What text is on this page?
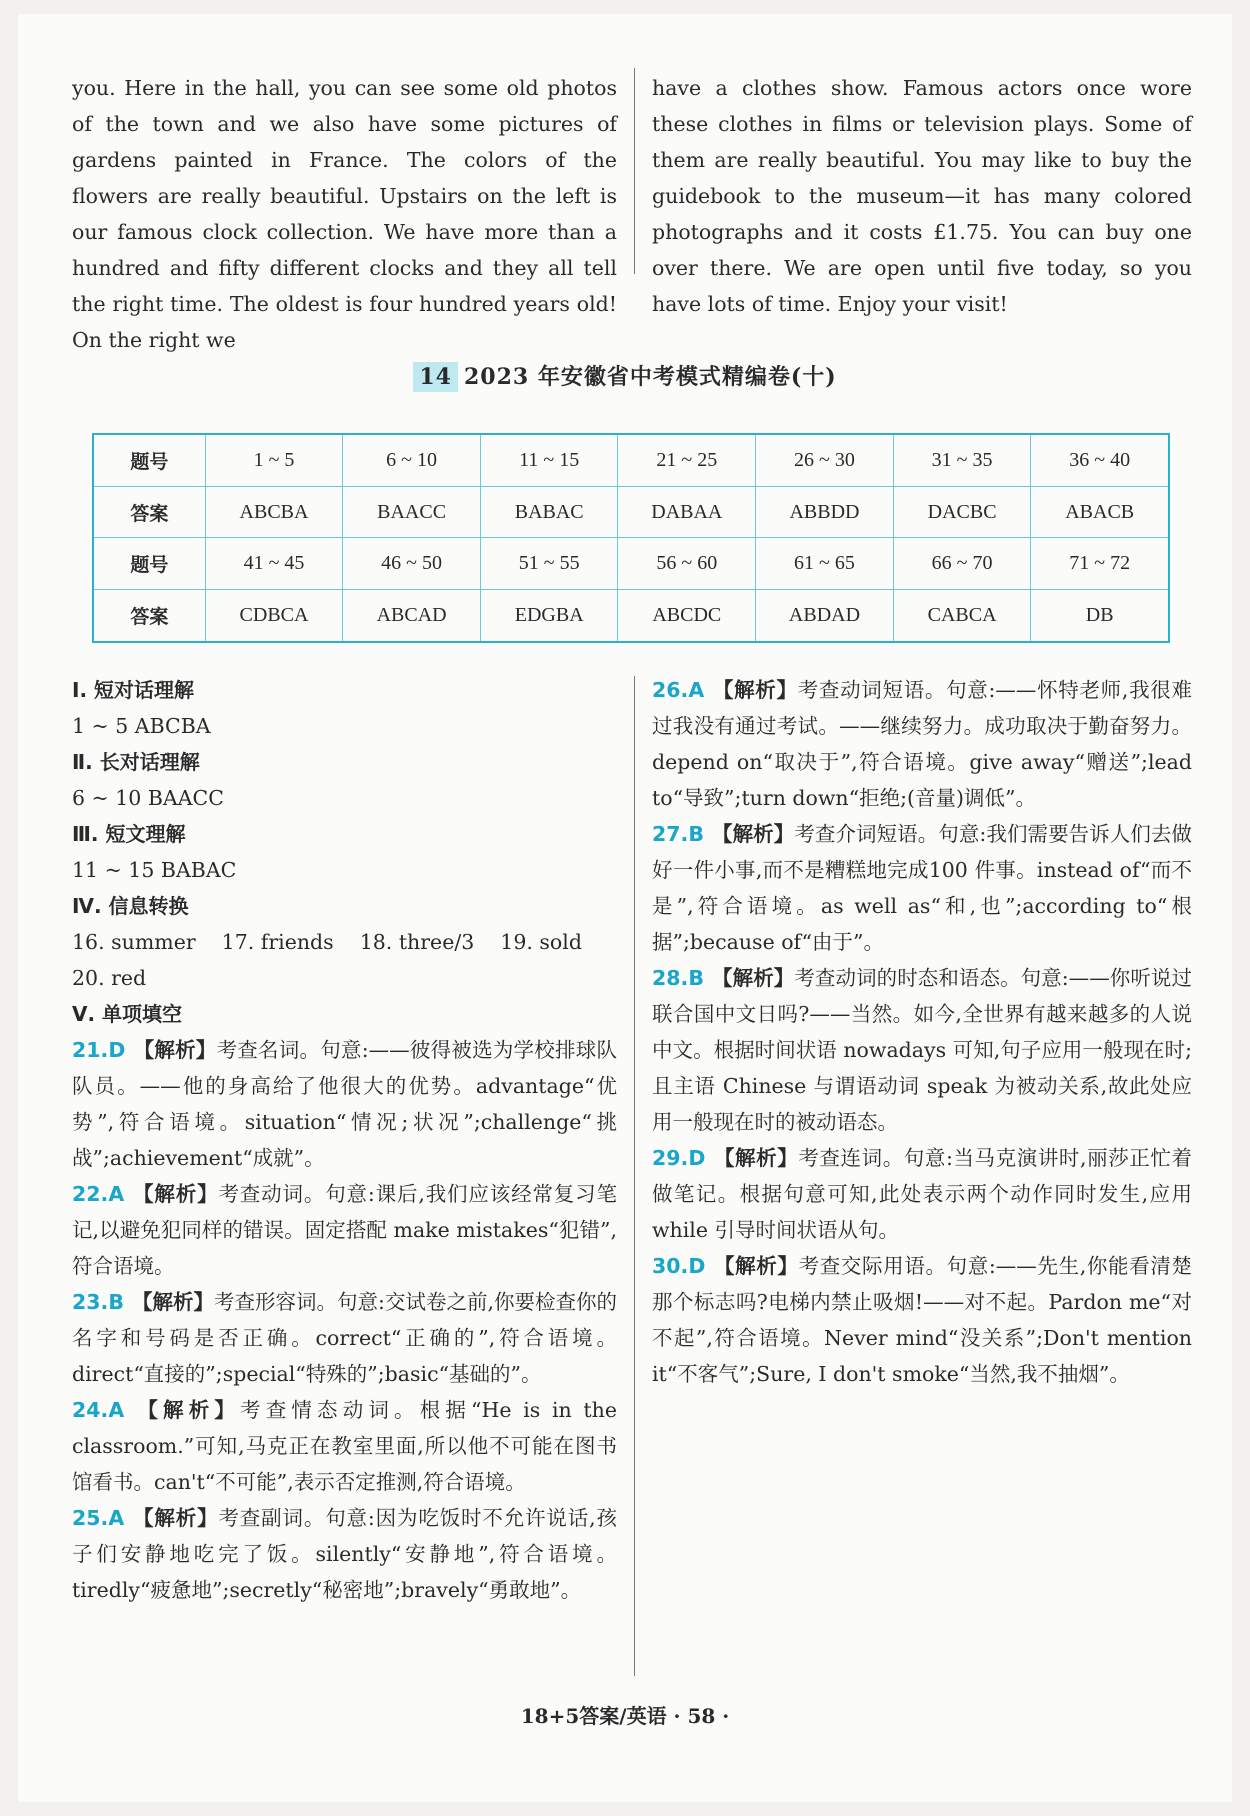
you. Here in the hall, you can see some old photos of the town and we also have some pictures of gardens painted in France. The colors of the flowers are really beautiful. Upstairs on the left is our famous clock collection. We have more than a hundred and fifty different clocks and they all tell the right time. The oldest is four hundred years old! On the right we
have a clothes show. Famous actors once wore these clothes in films or television plays. Some of them are really beautiful. You may like to buy the guidebook to the museum—it has many colored photographs and it costs £1.75. You can buy one over there. We are open until five today, so you have lots of time. Enjoy your visit!
14 2023 年安徽省中考模式精编卷(十)
题号	1 ~ 5	6 ~ 10	11 ~ 15	21 ~ 25	26 ~ 30	31 ~ 35	36 ~ 40
答案	ABCBA	BAACC	BABAC	DABAA	ABBDD	DACBC	ABACB
题号	41 ~ 45	46 ~ 50	51 ~ 55	56 ~ 60	61 ~ 65	66 ~ 70	71 ~ 72
答案	CDBCA	ABCAD	EDGBA	ABCDC	ABDAD	CABCA	DB
Ⅰ. 短对话理解
1 ~ 5 ABCBA
Ⅱ. 长对话理解
6 ~ 10 BAACC
Ⅲ. 短文理解
11 ~ 15 BABAC
Ⅳ. 信息转换
16. summer 17. friends 18. three/3 19. sold
20. red
Ⅴ. 单项填空
21.D 【解析】考查名词。句意:——彼得被选为学校排球队队员。——他的身高给了他很大的优势。advantage“优势”,符合语境。situation“情况;状况”;challenge“挑战”;achievement“成就”。
22.A 【解析】考查动词。句意:课后,我们应该经常复习笔记,以避免犯同样的错误。固定搭配 make mistakes“犯错”,符合语境。
23.B 【解析】考查形容词。句意:交试卷之前,你要检查你的名字和号码是否正确。correct“正确的”,符合语境。direct“直接的”;special“特殊的”;basic“基础的”。
24.A 【解析】考查情态动词。根据“He is in the classroom.”可知,马克正在教室里面,所以他不可能在图书馆看书。can't“不可能”,表示否定推测,符合语境。
25.A 【解析】考查副词。句意:因为吃饭时不允许说话,孩子们安静地吃完了饭。silently“安静地”,符合语境。tiredly“疲惫地”;secretly“秘密地”;bravely“勇敢地”。
26.A 【解析】考查动词短语。句意:——怀特老师,我很难过我没有通过考试。——继续努力。成功取决于勤奋努力。depend on“取决于”,符合语境。give away“赠送”;lead to“导致”;turn down“拒绝;(音量)调低”。
27.B 【解析】考查介词短语。句意:我们需要告诉人们去做好一件小事,而不是糟糕地完成100 件事。instead of“而不是”,符合语境。as well as“和,也”;according to“根据”;because of“由于”。
28.B 【解析】考查动词的时态和语态。句意:——你听说过联合国中文日吗?——当然。如今,全世界有越来越多的人说中文。根据时间状语 nowadays 可知,句子应用一般现在时;且主语 Chinese 与谓语动词 speak 为被动关系,故此处应用一般现在时的被动语态。
29.D 【解析】考查连词。句意:当马克演讲时,丽莎正忙着做笔记。根据句意可知,此处表示两个动作同时发生,应用 while 引导时间状语从句。
30.D 【解析】考查交际用语。句意:——先生,你能看清楚那个标志吗?电梯内禁止吸烟!——对不起。Pardon me“对不起”,符合语境。Never mind“没关系”;Don't mention it“不客气”;Sure, I don't smoke“当然,我不抽烟”。
18+5答案/英语 · 58 ·
